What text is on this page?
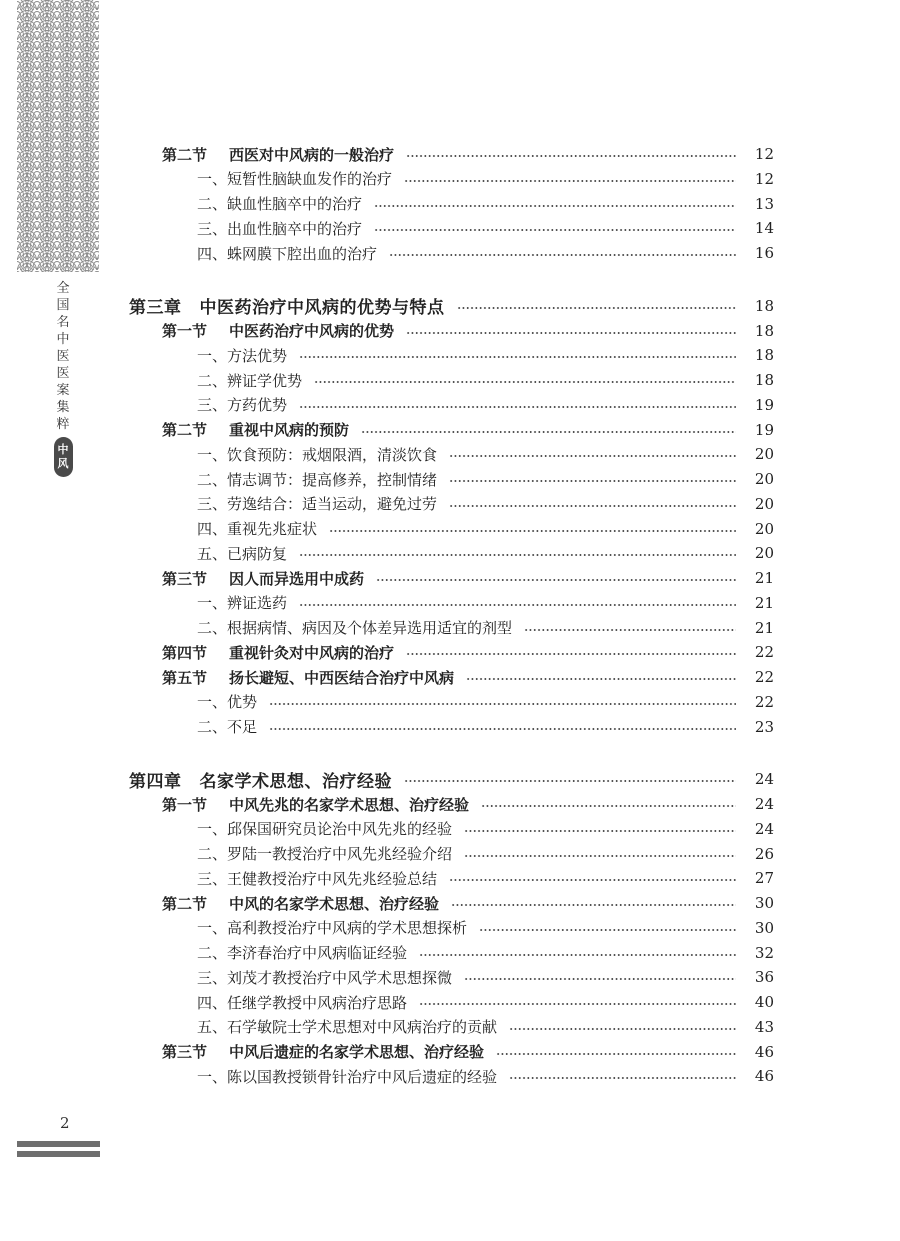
全
国
名
中
医
医
案
集
粹
中
风
第二节 西医对中风病的一般治疗	12
一、短暂性脑缺血发作的治疗	12
二、缺血性脑卒中的治疗	13
三、出血性脑卒中的治疗	14
四、蛛网膜下腔出血的治疗	16
第三章 中医药治疗中风病的优势与特点	18
第一节 中医药治疗中风病的优势	18
一、方法优势	18
二、辨证学优势	18
三、方药优势	19
第二节 重视中风病的预防	19
一、饮食预防：戒烟限酒，清淡饮食	20
二、情志调节：提高修养，控制情绪	20
三、劳逸结合：适当运动，避免过劳	20
四、重视先兆症状	20
五、已病防复	20
第三节 因人而异选用中成药	21
一、辨证选药	21
二、根据病情、病因及个体差异选用适宜的剂型	21
第四节 重视针灸对中风病的治疗	22
第五节 扬长避短、中西医结合治疗中风病	22
一、优势	22
二、不足	23
第四章 名家学术思想、治疗经验	24
第一节 中风先兆的名家学术思想、治疗经验	24
一、邱保国研究员论治中风先兆的经验	24
二、罗陆一教授治疗中风先兆经验介绍	26
三、王健教授治疗中风先兆经验总结	27
第二节 中风的名家学术思想、治疗经验	30
一、高利教授治疗中风病的学术思想探析	30
二、李济春治疗中风病临证经验	32
三、刘茂才教授治疗中风学术思想探微	36
四、任继学教授中风病治疗思路	40
五、石学敏院士学术思想对中风病治疗的贡献	43
第三节 中风后遗症的名家学术思想、治疗经验	46
一、陈以国教授锁骨针治疗中风后遗症的经验	46
2
